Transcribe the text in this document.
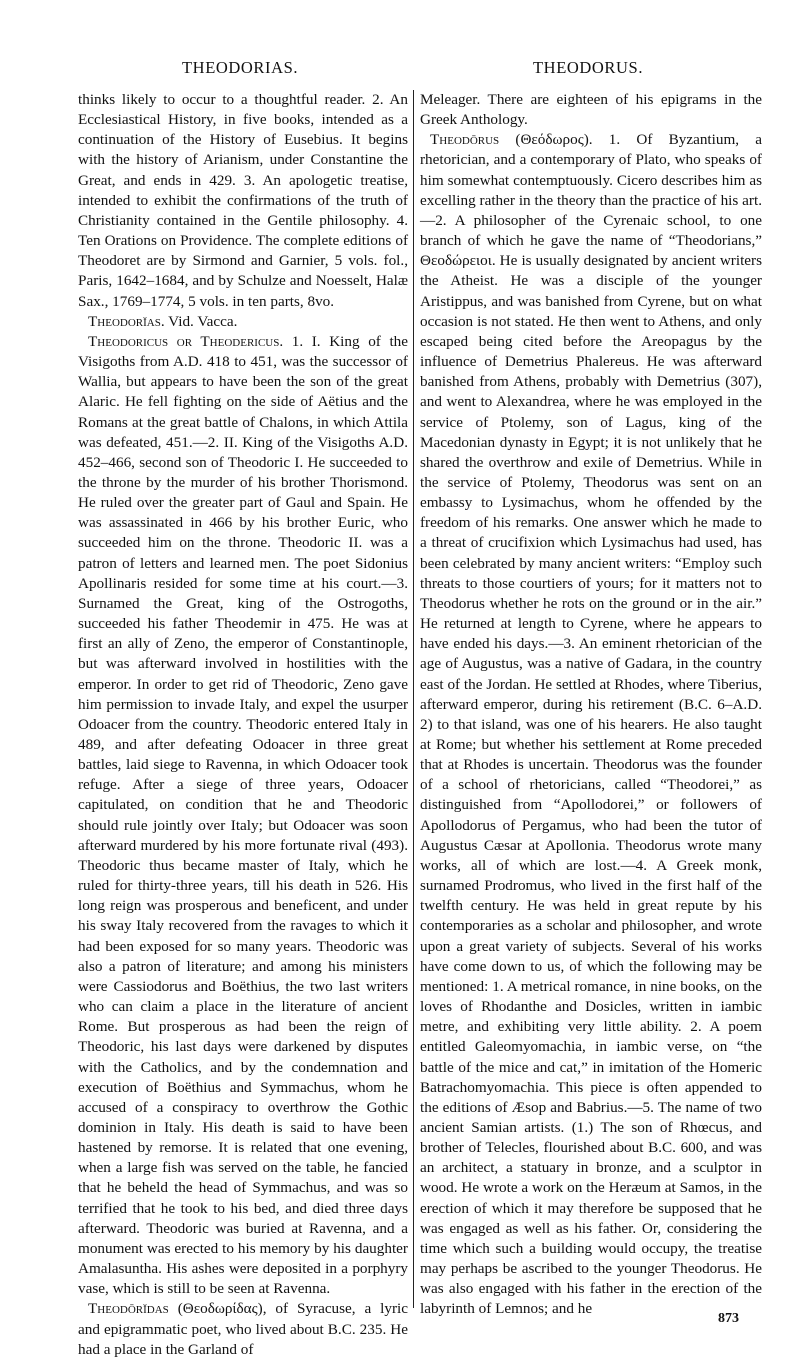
THEODORIAS.	THEODORUS.

thinks likely to occur to a thoughtful reader. 2. An Ecclesiastical History, in five books, intended as a continuation of the History of Eusebius. It begins with the history of Arianism, under Constantine the Great, and ends in 429. 3. An apologetic treatise, intended to exhibit the confirmations of the truth of Christianity contained in the Gentile philosophy. 4. Ten Orations on Providence. The complete editions of Theodoret are by Sirmond and Garnier, 5 vols. fol., Paris, 1642–1684, and by Schulze and Noesselt, Halæ Sax., 1769–1774, 5 vols. in ten parts, 8vo.

Theodorĭas. Vid. Vacca.

Theodoricus or Theodericus. 1. I. King of the Visigoths from A.D. 418 to 451, was the successor of Wallia, but appears to have been the son of the great Alaric. He fell fighting on the side of Aëtius and the Romans at the great battle of Chalons, in which Attila was defeated, 451.—2. II. King of the Visigoths A.D. 452–466, second son of Theodoric I. He succeeded to the throne by the murder of his brother Thorismond. He ruled over the greater part of Gaul and Spain. He was assassinated in 466 by his brother Euric, who succeeded him on the throne. Theodoric II. was a patron of letters and learned men. The poet Sidonius Apollinaris resided for some time at his court.—3. Surnamed the Great, king of the Ostrogoths, succeeded his father Theodemir in 475. He was at first an ally of Zeno, the emperor of Constantinople, but was afterward involved in hostilities with the emperor. In order to get rid of Theodoric, Zeno gave him permission to invade Italy, and expel the usurper Odoacer from the country. Theodoric entered Italy in 489, and after defeating Odoacer in three great battles, laid siege to Ravenna, in which Odoacer took refuge. After a siege of three years, Odoacer capitulated, on condition that he and Theodoric should rule jointly over Italy; but Odoacer was soon afterward murdered by his more fortunate rival (493). Theodoric thus became master of Italy, which he ruled for thirty-three years, till his death in 526. His long reign was prosperous and beneficent, and under his sway Italy recovered from the ravages to which it had been exposed for so many years. Theodoric was also a patron of literature; and among his ministers were Cassiodorus and Boëthius, the two last writers who can claim a place in the literature of ancient Rome. But prosperous as had been the reign of Theodoric, his last days were darkened by disputes with the Catholics, and by the condemnation and execution of Boëthius and Symmachus, whom he accused of a conspiracy to overthrow the Gothic dominion in Italy. His death is said to have been hastened by remorse. It is related that one evening, when a large fish was served on the table, he fancied that he beheld the head of Symmachus, and was so terrified that he took to his bed, and died three days afterward. Theodoric was buried at Ravenna, and a monument was erected to his memory by his daughter Amalasuntha. His ashes were deposited in a porphyry vase, which is still to be seen at Ravenna.

Theodōrĭdas (Θεοδωρίδας), of Syracuse, a lyric and epigrammatic poet, who lived about B.C. 235. He had a place in the Garland of

Meleager. There are eighteen of his epigrams in the Greek Anthology.

Theodōrus (Θεόδωρος). 1. Of Byzantium, a rhetorician, and a contemporary of Plato, who speaks of him somewhat contemptuously. Cicero describes him as excelling rather in the theory than the practice of his art.—2. A philosopher of the Cyrenaic school, to one branch of which he gave the name of “Theodorians,” Θεοδώρειοι. He is usually designated by ancient writers the Atheist. He was a disciple of the younger Aristippus, and was banished from Cyrene, but on what occasion is not stated. He then went to Athens, and only escaped being cited before the Areopagus by the influence of Demetrius Phalereus. He was afterward banished from Athens, probably with Demetrius (307), and went to Alexandrea, where he was employed in the service of Ptolemy, son of Lagus, king of the Macedonian dynasty in Egypt; it is not unlikely that he shared the overthrow and exile of Demetrius. While in the service of Ptolemy, Theodorus was sent on an embassy to Lysimachus, whom he offended by the freedom of his remarks. One answer which he made to a threat of crucifixion which Lysimachus had used, has been celebrated by many ancient writers: “Employ such threats to those courtiers of yours; for it matters not to Theodorus whether he rots on the ground or in the air.” He returned at length to Cyrene, where he appears to have ended his days.—3. An eminent rhetorician of the age of Augustus, was a native of Gadara, in the country east of the Jordan. He settled at Rhodes, where Tiberius, afterward emperor, during his retirement (B.C. 6–A.D. 2) to that island, was one of his hearers. He also taught at Rome; but whether his settlement at Rome preceded that at Rhodes is uncertain. Theodorus was the founder of a school of rhetoricians, called “Theodorei,” as distinguished from “Apollodorei,” or followers of Apollodorus of Pergamus, who had been the tutor of Augustus Cæsar at Apollonia. Theodorus wrote many works, all of which are lost.—4. A Greek monk, surnamed Prodromus, who lived in the first half of the twelfth century. He was held in great repute by his contemporaries as a scholar and philosopher, and wrote upon a great variety of subjects. Several of his works have come down to us, of which the following may be mentioned: 1. A metrical romance, in nine books, on the loves of Rhodanthe and Dosicles, written in iambic metre, and exhibiting very little ability. 2. A poem entitled Galeomyomachia, in iambic verse, on “the battle of the mice and cat,” in imitation of the Homeric Batrachomyomachia. This piece is often appended to the editions of Æsop and Babrius.—5. The name of two ancient Samian artists. (1.) The son of Rhœcus, and brother of Telecles, flourished about B.C. 600, and was an architect, a statuary in bronze, and a sculptor in wood. He wrote a work on the Heræum at Samos, in the erection of which it may therefore be supposed that he was engaged as well as his father. Or, considering the time which such a building would occupy, the treatise may perhaps be ascribed to the younger Theodorus. He was also engaged with his father in the erection of the labyrinth of Lemnos; and he

873
